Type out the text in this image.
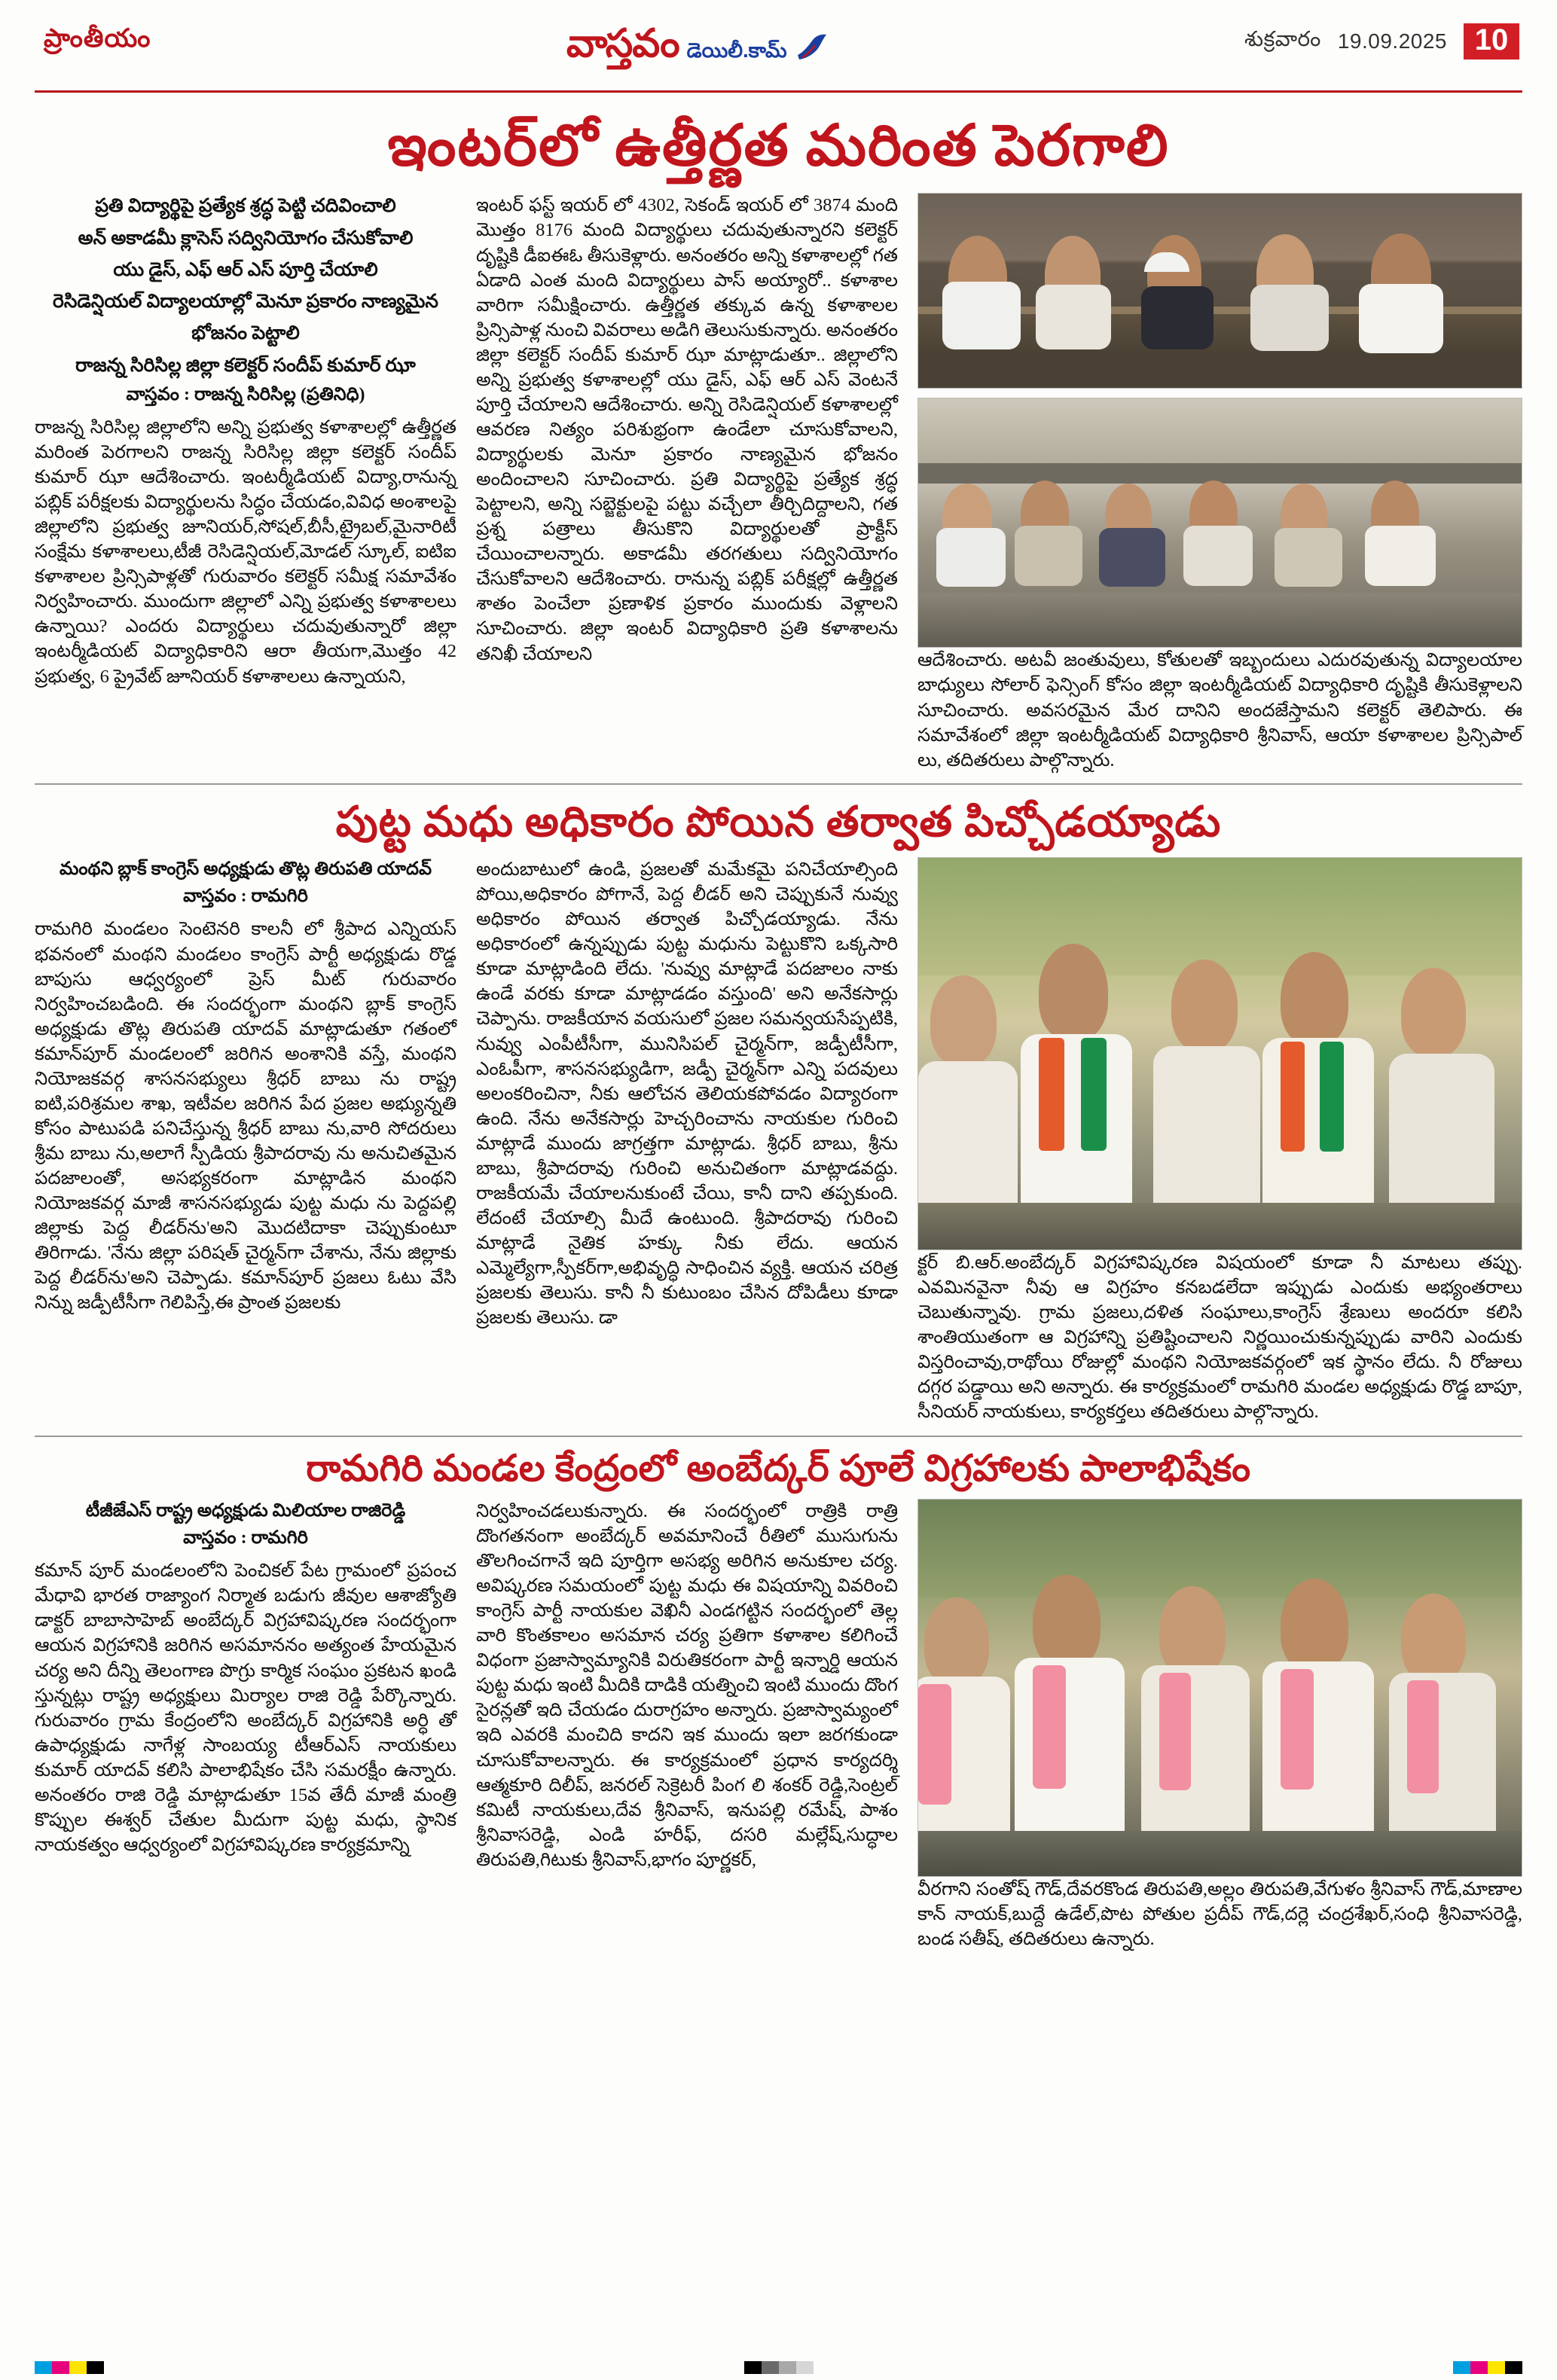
ప్రాంతీయం	వాస్తవం డెయిలీ.కామ్
శుక్రవారం 19.09.2025 10
ఇంటర్‌లో ఉత్తీర్ణత మరింత పెరగాలి

ప్రతి విద్యార్థిపై ప్రత్యేక శ్రద్ధ పెట్టి చదివించాలి

అన్ అకాడమీ క్లాసెస్ సద్వినియోగం చేసుకోవాలి

యు డైస్, ఎఫ్ ఆర్ ఎస్ పూర్తి చేయాలి

రెసిడెన్షియల్ విద్యాలయాల్లో మెనూ ప్రకారం నాణ్యమైన

భోజనం పెట్టాలి

రాజన్న సిరిసిల్ల జిల్లా కలెక్టర్ సందీప్ కుమార్ ఝా

వాస్తవం : రాజన్న సిరిసిల్ల (ప్రతినిధి)

రాజన్న సిరిసిల్ల జిల్లాలోని అన్ని ప్రభుత్వ కళాశాలల్లో ఉత్తీర్ణత మరింత పెరగాలని రాజన్న సిరిసిల్ల జిల్లా కలెక్టర్ సందీప్ కుమార్ ఝా ఆదేశించారు. ఇంటర్మీడియట్ విద్యా,రానున్న పబ్లిక్ పరీక్షలకు విద్యార్థులను సిద్ధం చేయడం,వివిధ అంశాలపై జిల్లాలోని ప్రభుత్వ జూనియర్,సోషల్,బీసీ,ట్రైబల్,మైనారిటీ సంక్షేమ కళాశాలలు,టీజీ రెసిడెన్షియల్,మోడల్ స్కూల్, ఐటిఐ కళాశాలల ప్రిన్సిపాళ్లతో గురువారం కలెక్టర్ సమీక్ష సమావేశం నిర్వహించారు. ముందుగా జిల్లాలో ఎన్ని ప్రభుత్వ కళాశాలలు ఉన్నాయి? ఎందరు విద్యార్థులు చదువుతున్నారో జిల్లా ఇంటర్మీడియట్ విద్యాధికారిని ఆరా తీయగా,మొత్తం 42 ప్రభుత్వ, 6 ప్రైవేట్ జూనియర్ కళాశాలలు ఉన్నాయని,

ఇంటర్ ఫస్ట్ ఇయర్ లో 4302, సెకండ్ ఇయర్ లో 3874 మంది మొత్తం 8176 మంది విద్యార్థులు చదువుతున్నారని కలెక్టర్ దృష్టికి డీఐఈఓ తీసుకెళ్లారు. అనంతరం అన్ని కళాశాలల్లో గత ఏడాది ఎంత మంది విద్యార్థులు పాస్ అయ్యారో.. కళాశాల వారిగా సమీక్షించారు. ఉత్తీర్ణత తక్కువ ఉన్న కళాశాలల ప్రిన్సిపాళ్ల నుంచి వివరాలు అడిగి తెలుసుకున్నారు. అనంతరం జిల్లా కలెక్టర్ సందీప్ కుమార్ ఝా మాట్లాడుతూ.. జిల్లాలోని అన్ని ప్రభుత్వ కళాశాలల్లో యు డైస్, ఎఫ్ ఆర్ ఎస్ వెంటనే పూర్తి చేయాలని ఆదేశించారు. అన్ని రెసిడెన్షియల్ కళాశాలల్లో ఆవరణ నిత్యం పరిశుభ్రంగా ఉండేలా చూసుకోవాలని, విద్యార్థులకు మెనూ ప్రకారం నాణ్యమైన భోజనం అందించాలని సూచించారు. ప్రతి విద్యార్థిపై ప్రత్యేక శ్రద్ధ పెట్టాలని, అన్ని సబ్జెక్టులపై పట్టు వచ్చేలా తీర్చిదిద్దాలని, గత ప్రశ్న పత్రాలు తీసుకొని విద్యార్థులతో ప్రాక్టీస్ చేయించాలన్నారు. అకాడమీ తరగతులు సద్వినియోగం చేసుకోవాలని ఆదేశించారు. రానున్న పబ్లిక్ పరీక్షల్లో ఉత్తీర్ణత శాతం పెంచేలా ప్రణాళిక ప్రకారం ముందుకు వెళ్లాలని సూచించారు. జిల్లా ఇంటర్ విద్యాధికారి ప్రతి కళాశాలను తనిఖీ చేయాలని	ఆదేశించారు. అటవీ జంతువులు, కోతులతో ఇబ్బందులు ఎదురవుతున్న విద్యాలయాల బాధ్యులు సోలార్ ఫెన్సింగ్ కోసం జిల్లా ఇంటర్మీడియట్ విద్యాధికారి దృష్టికి తీసుకెళ్లాలని సూచించారు. అవసరమైన మేర దానిని అందజేస్తామని కలెక్టర్ తెలిపారు. ఈ సమావేశంలో జిల్లా ఇంటర్మీడియట్ విద్యాధికారి శ్రీనివాస్, ఆయా కళాశాలల ప్రిన్సిపాల్ లు, తదితరులు పాల్గొన్నారు.

పుట్ట మధు అధికారం పోయిన తర్వాత పిచ్చోడయ్యాడు

మంథని బ్లాక్ కాంగ్రెస్ అధ్యక్షుడు తొట్ల తిరుపతి యాదవ్

వాస్తవం : రామగిరి

రామగిరి మండలం సెంటెనరి కాలనీ లో శ్రీపాద ఎన్నియస్ భవనంలో మంథని మండలం కాంగ్రెస్ పార్టీ అధ్యక్షుడు రొడ్డ బాపుసు ఆధ్వర్యంలో ప్రెస్ మీట్ గురువారం నిర్వహించబడింది. ఈ సందర్భంగా మంథని బ్లాక్ కాంగ్రెస్ అధ్యక్షుడు తొట్ల తిరుపతి యాదవ్ మాట్లాడుతూ గతంలో కమాన్‌పూర్ మండలంలో జరిగిన అంశానికి వస్తే, మంథని నియోజకవర్గ శాసనసభ్యులు శ్రీధర్ బాబు ను రాష్ట్ర ఐటి,పరిశ్రమల శాఖ, ఇటీవల జరిగిన పేద ప్రజల అభ్యున్నతి కోసం పాటుపడి పనిచేస్తున్న శ్రీధర్ బాబు ను,వారి సోదరులు శ్రీమ బాబు ను,అలాగే స్పీడియ శ్రీపాదరావు ను అనుచితమైన పదజాలంతో, అసభ్యకరంగా మాట్లాడిన మంథని నియోజకవర్గ మాజీ శాసనసభ్యుడు పుట్ట మధు ను పెద్దపల్లి జిల్లాకు పెద్ద లీడర్‌ను'అని మొదటిదాకా చెప్పుకుంటూ తిరిగాడు. 'నేను జిల్లా పరిషత్ చైర్మన్‌గా చేశాను, నేను జిల్లాకు పెద్ద లీడర్‌ను'అని చెప్పాడు. కమాన్‌పూర్ ప్రజలు ఓటు వేసి నిన్ను జడ్పీటీసీగా గెలిపిస్తే,ఈ ప్రాంత ప్రజలకు

అందుబాటులో ఉండి, ప్రజలతో మమేకమై పనిచేయాల్సింది పోయి,అధికారం పోగానే, పెద్ద లీడర్ అని చెప్పుకునే నువ్వు అధికారం పోయిన తర్వాత పిచ్చోడయ్యాడు. నేను అధికారంలో ఉన్నప్పుడు పుట్ట మధును పెట్టుకొని ఒక్కసారి కూడా మాట్లాడింది లేదు. 'నువ్వు మాట్లాడే పదజాలం నాకు ఉండే వరకు కూడా మాట్లాడడం వస్తుంది' అని అనేకసార్లు చెప్పాను. రాజకీయాన వయసులో ప్రజల సమన్వయసేప్పటికి, నువ్వు ఎంపీటీసీగా, మునిసిపల్ చైర్మన్‌గా, జడ్పీటీసీగా, ఎంఓపీగా, శాసనసభ్యుడిగా, జడ్పీ చైర్మన్‌గా ఎన్ని పదవులు అలంకరించినా, నీకు ఆలోచన తెలియకపోవడం విద్యారంగా ఉంది. నేను అనేకసార్లు హెచ్చరించాను నాయకుల గురించి మాట్లాడే ముందు జాగ్రత్తగా మాట్లాడు. శ్రీధర్ బాబు, శ్రీను బాబు, శ్రీపాదరావు గురించి అనుచితంగా మాట్లాడవద్దు. రాజకీయమే చేయాలనుకుంటే చేయి, కానీ దాని తప్పకుంది. లేదంటే చేయాల్సి మీదే ఉంటుంది. శ్రీపాదరావు గురించి మాట్లాడే నైతిక హక్కు నీకు లేదు. ఆయన ఎమ్మెల్యేగా,స్పీకర్‌గా,అభివృద్ధి సాధించిన వ్యక్తి. ఆయన చరిత్ర ప్రజలకు తెలుసు. కానీ నీ కుటుంబం చేసిన దోపిడీలు కూడా ప్రజలకు తెలుసు. డా

క్టర్ బి.ఆర్.అంబేద్కర్ విగ్రహావిష్కరణ విషయంలో కూడా నీ మాటలు తప్పు. ఎవమినవైనా నీవు ఆ విగ్రహం కనబడలేదా ఇప్పుడు ఎందుకు అభ్యంతరాలు చెబుతున్నావు. గ్రామ ప్రజలు,దళిత సంఘాలు,కాంగ్రెస్ శ్రేణులు అందరూ కలిసి శాంతియుతంగా ఆ విగ్రహాన్ని ప్రతిష్టించాలని నిర్ణయించుకున్నప్పుడు వారిని ఎందుకు విస్తరించావు,రాథోయి రోజుల్లో మంథని నియోజకవర్గంలో ఇక స్థానం లేదు. నీ రోజులు దగ్గర పడ్డాయి అని అన్నారు. ఈ కార్యక్రమంలో రామగిరి మండల అధ్యక్షుడు రొడ్డ బాపూ, సీనియర్ నాయకులు, కార్యకర్తలు తదితరులు పాల్గొన్నారు.

రామగిరి మండల కేంద్రంలో అంబేద్కర్ పూలే విగ్రహాలకు పాలాభిషేకం

టీజీజేఎస్ రాష్ట్ర అధ్యక్షుడు మిలియాల రాజిరెడ్డి

వాస్తవం : రామగిరి

కమాన్ పూర్ మండలంలోని పెంచికల్ పేట గ్రామంలో ప్రపంచ మేధావి భారత రాజ్యాంగ నిర్మాత బడుగు జీవుల ఆశాజ్యోతి డాక్టర్ బాబాసాహెబ్ అంబేద్కర్ విగ్రహావిష్కరణ సందర్భంగా ఆయన విగ్రహానికి జరిగిన అసమాననం అత్యంత హేయమైన చర్య అని దీన్ని తెలంగాణ పొగ్రు కార్మిక సంఘం ప్రకటన ఖండి స్తున్నట్లు రాష్ట్ర అధ్యక్షులు మిర్యాల రాజి రెడ్డి పేర్కొన్నారు. గురువారం గ్రామ కేంద్రంలోని అంబేద్కర్ విగ్రహానికి అర్ధి తో ఉపాధ్యక్షుడు నాగేళ్ల సాంబయ్య టీఆర్ఎస్ నాయకులు కుమార్ యాదవ్ కలిసి పాలాభిషేకం చేసి సమరక్షీం ఉన్నారు. అనంతరం రాజి రెడ్డి మాట్లాడుతూ 15వ తేదీ మాజీ మంత్రి కొప్పుల ఈశ్వర్ చేతుల మీదుగా పుట్ట మధు, స్థానిక నాయకత్వం ఆధ్వర్యంలో విగ్రహావిష్కరణ కార్యక్రమాన్ని

నిర్వహించడలుకున్నారు. ఈ సందర్భంలో రాత్రికి రాత్రి దొంగతనంగా అంబేద్కర్ అవమానించే రీతిలో ముసుగును తొలగించగానే ఇది పూర్తిగా అసభ్య అరిగిన అనుకూల చర్య. అవిష్కరణ సమయంలో పుట్ట మధు ఈ విషయాన్ని వివరించి కాంగ్రెస్ పార్టీ నాయకుల వెఖినీ ఎండగట్టిన సందర్భంలో తెల్ల వారి కొంతకాలం అసమాన చర్య ప్రతిగా కళాశాల కలిగించే విధంగా ప్రజాస్వామ్యానికి విరుతికరంగా పార్టీ ఇన్నార్డి ఆయన పుట్ట మధు ఇంటి మీదికి దాడికి యత్నించి ఇంటి ముందు దొంగ సైరన్లతో ఇది చేయడం దురాగ్రహం అన్నారు. ప్రజాస్వామ్యంలో ఇది ఎవరకి మంచిది కాదని ఇక ముందు ఇలా జరగకుండా చూసుకోవాలన్నారు. ఈ కార్యక్రమంలో ప్రధాన కార్యదర్శి ఆత్మకూరి దిలీప్, జనరల్ సెక్రెటరీ పింగ లి శంకర్ రెడ్డి,సెంట్రల్ కమిటీ నాయకులు,దేవ శ్రీనివాస్, ఇనుపల్లి రమేష్, పాశం శ్రీనివాసరెడ్డి, ఎండి హరీఫ్, దసరి మల్లేష్,సుద్ధాల తిరుపతి,గిటుకు శ్రీనివాస్,భాగం పూర్ణకర్,

వీరగాని సంతోష్ గౌడ్,దేవరకొండ తిరుపతి,అల్లం తిరుపతి,వేగుళం శ్రీనివాస్ గౌడ్,మాణాల కాన్ నాయక్,బుద్దే ఉడేల్,పొట పోతుల ప్రదీప్ గౌడ్,దర్లె చంద్రశేఖర్,సంధి శ్రీనివాసరెడ్డి, బండ సతీష్, తదితరులు ఉన్నారు.
